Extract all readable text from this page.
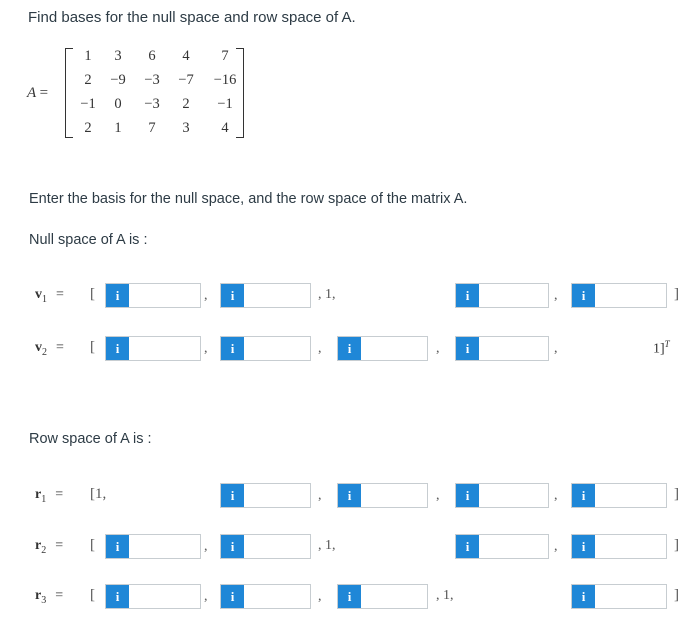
Find bases for the null space and row space of A.
A =
1	3	6	4	7
2	−9	−3	−7	−16
−1	0	−3	2	−1
2	1	7	3	4
Enter the basis for the null space, and the row space of the matrix A.
Null space of A is :
$v_1$ = [	i	,	i	, 1,	i	,	i	]
$v_2$ = [	i	,	i	,	i	,	i	,	1]$^T$
Row space of A is :
$r_1 = [1$,	i	,	i	,	i	,	i	]
$r_2$ = [	i	,	i	, 1,	i	,	i	]
$r_3$ = [	i	,	i	,	i	, 1,	i	]
